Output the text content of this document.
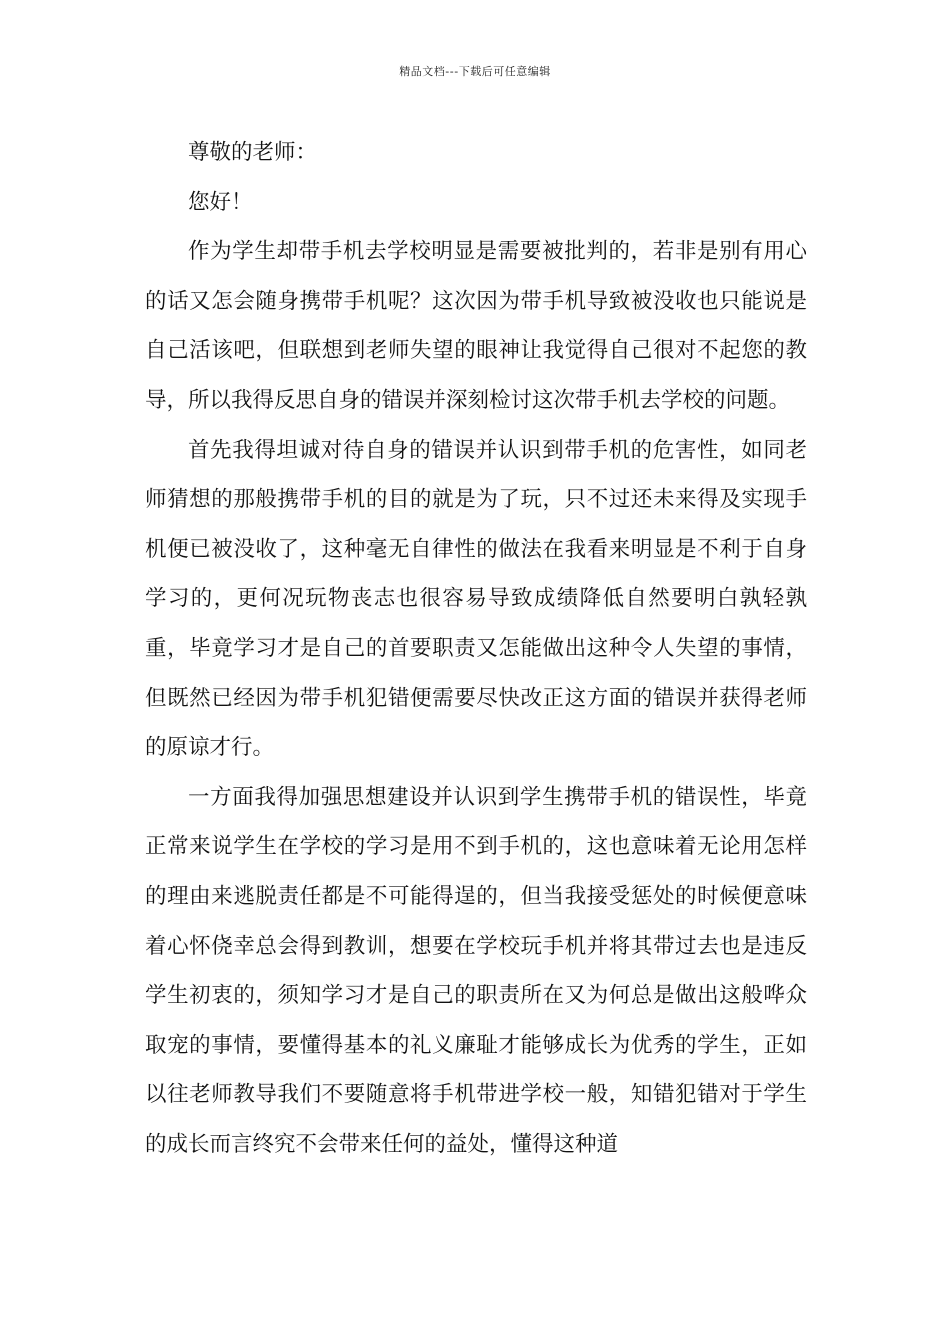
精品文档---下载后可任意编辑

尊敬的老师：

您好！

作为学生却带手机去学校明显是需要被批判的，若非是别有用心的话又怎会随身携带手机呢？这次因为带手机导致被没收也只能说是自己活该吧，但联想到老师失望的眼神让我觉得自己很对不起您的教导，所以我得反思自身的错误并深刻检讨这次带手机去学校的问题。

首先我得坦诚对待自身的错误并认识到带手机的危害性，如同老师猜想的那般携带手机的目的就是为了玩，只不过还未来得及实现手机便已被没收了，这种毫无自律性的做法在我看来明显是不利于自身学习的，更何况玩物丧志也很容易导致成绩降低自然要明白孰轻孰重，毕竟学习才是自己的首要职责又怎能做出这种令人失望的事情，但既然已经因为带手机犯错便需要尽快改正这方面的错误并获得老师的原谅才行。

一方面我得加强思想建设并认识到学生携带手机的错误性，毕竟正常来说学生在学校的学习是用不到手机的，这也意味着无论用怎样的理由来逃脱责任都是不可能得逞的，但当我接受惩处的时候便意味着心怀侥幸总会得到教训，想要在学校玩手机并将其带过去也是违反学生初衷的，须知学习才是自己的职责所在又为何总是做出这般哗众取宠的事情，要懂得基本的礼义廉耻才能够成长为优秀的学生，正如以往老师教导我们不要随意将手机带进学校一般，知错犯错对于学生的成长而言终究不会带来任何的益处，懂得这种道
